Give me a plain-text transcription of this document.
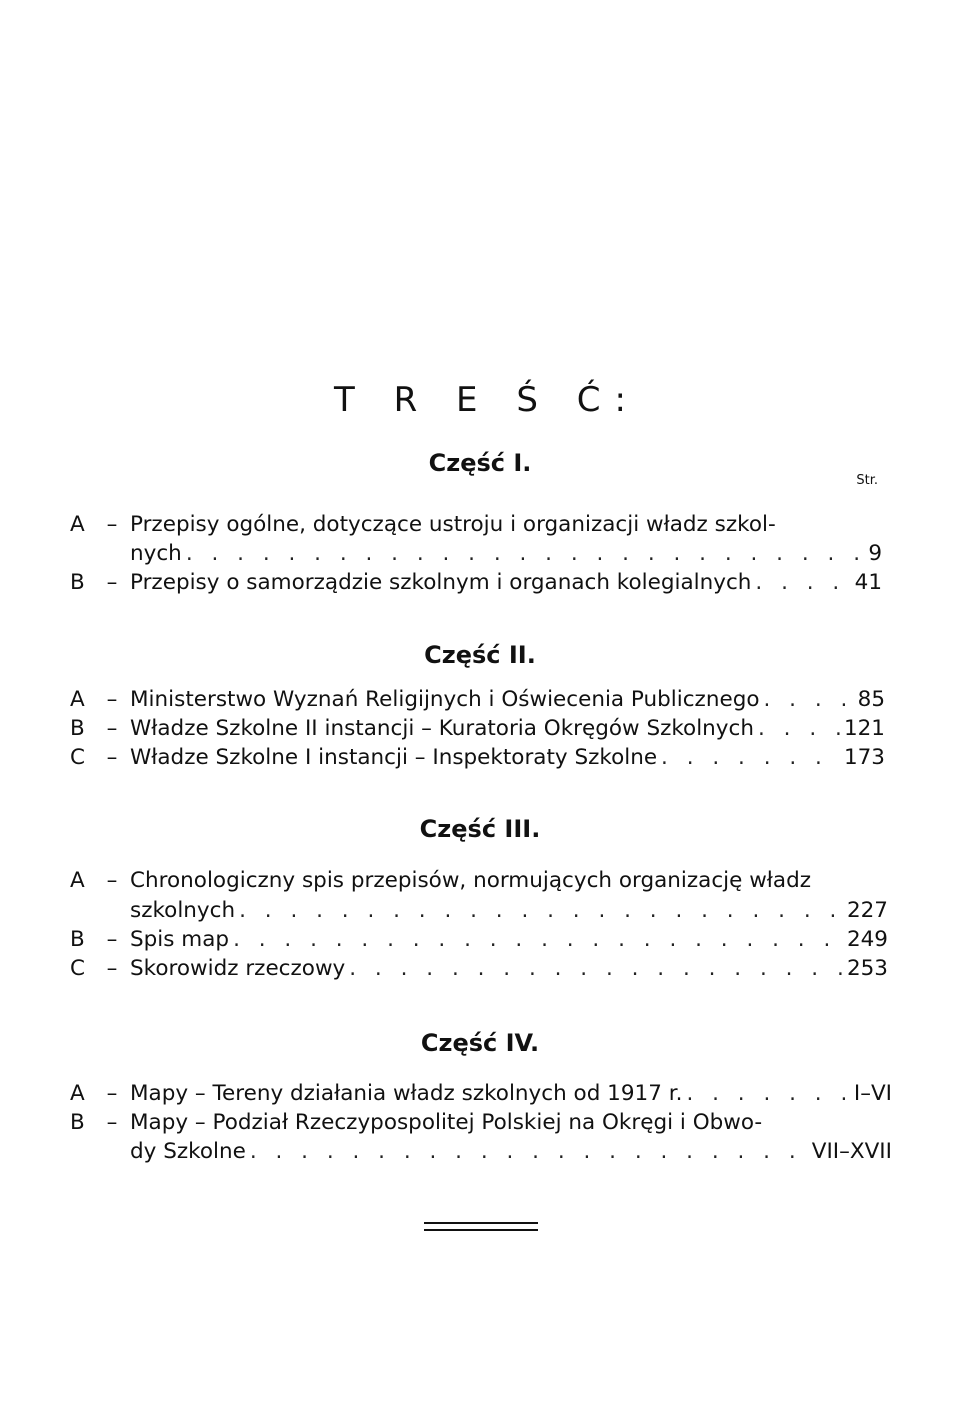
T R E Ś Ć:
Część I.
Str.
A	– Przepisy ogólne, dotyczące ustroju i organizacji władz szkol-
nych . . .	9
B	– Przepisy o samorządzie szkolnym i organach kolegialnych . . .	41
Część II.
A	– Ministerstwo Wyznań Religijnych i Oświecenia Publicznego . . .	85
B	– Władze Szkolne II instancji – Kuratoria Okręgów Szkolnych . . .	121
C	– Władze Szkolne I instancji – Inspektoraty Szkolne . . .	173
Część III.
A	– Chronologiczny spis przepisów, normujących organizację władz
szkolnych . . .	227
B	– Spis map . . .	249
C	– Skorowidz rzeczowy . . .	253
Część IV.
A	– Mapy – Tereny działania władz szkolnych od 1917 r. . . .	I–VI
B	– Mapy – Podział Rzeczypospolitej Polskiej na Okręgi i Obwo-
dy Szkolne . . .	VII–XVII
